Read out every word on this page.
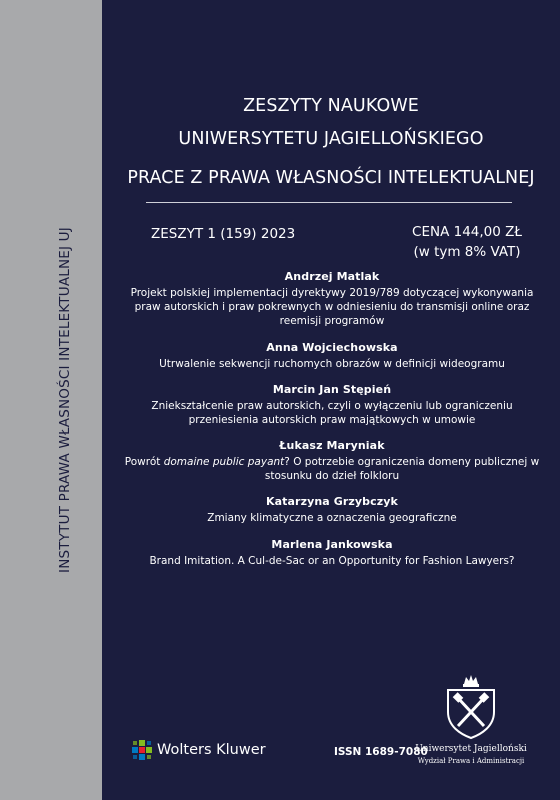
INSTYTUT PRAWA WŁASNOŚCI INTELEKTUALNEJ UJ
ZESZYTY NAUKOWE
UNIWERSYTETU JAGIELLOŃSKIEGO
PRACE Z PRAWA WŁASNOŚCI INTELEKTUALNEJ
ZESZYT 1 (159) 2023	CENA 144,00 ZŁ
(w tym 8% VAT)
Andrzej Matlak
Projekt polskiej implementacji dyrektywy 2019/789 dotyczącej wykonywania praw autorskich i praw pokrewnych w odniesieniu do transmisji online oraz reemisji programów
Anna Wojciechowska
Utrwalenie sekwencji ruchomych obrazów w definicji wideogramu
Marcin Jan Stępień
Zniekształcenie praw autorskich, czyli o wyłączeniu lub ograniczeniu przeniesienia autorskich praw majątkowych w umowie
Łukasz Maryniak
Powrót domaine public payant? O potrzebie ograniczenia domeny publicznej w stosunku do dzieł folkloru
Katarzyna Grzybczyk
Zmiany klimatyczne a oznaczenia geograficzne
Marlena Jankowska
Brand Imitation. A Cul-de-Sac or an Opportunity for Fashion Lawyers?
Wolters Kluwer	ISSN 1689-7080
Uniwersytet Jagielloński
Wydział Prawa i Administracji
